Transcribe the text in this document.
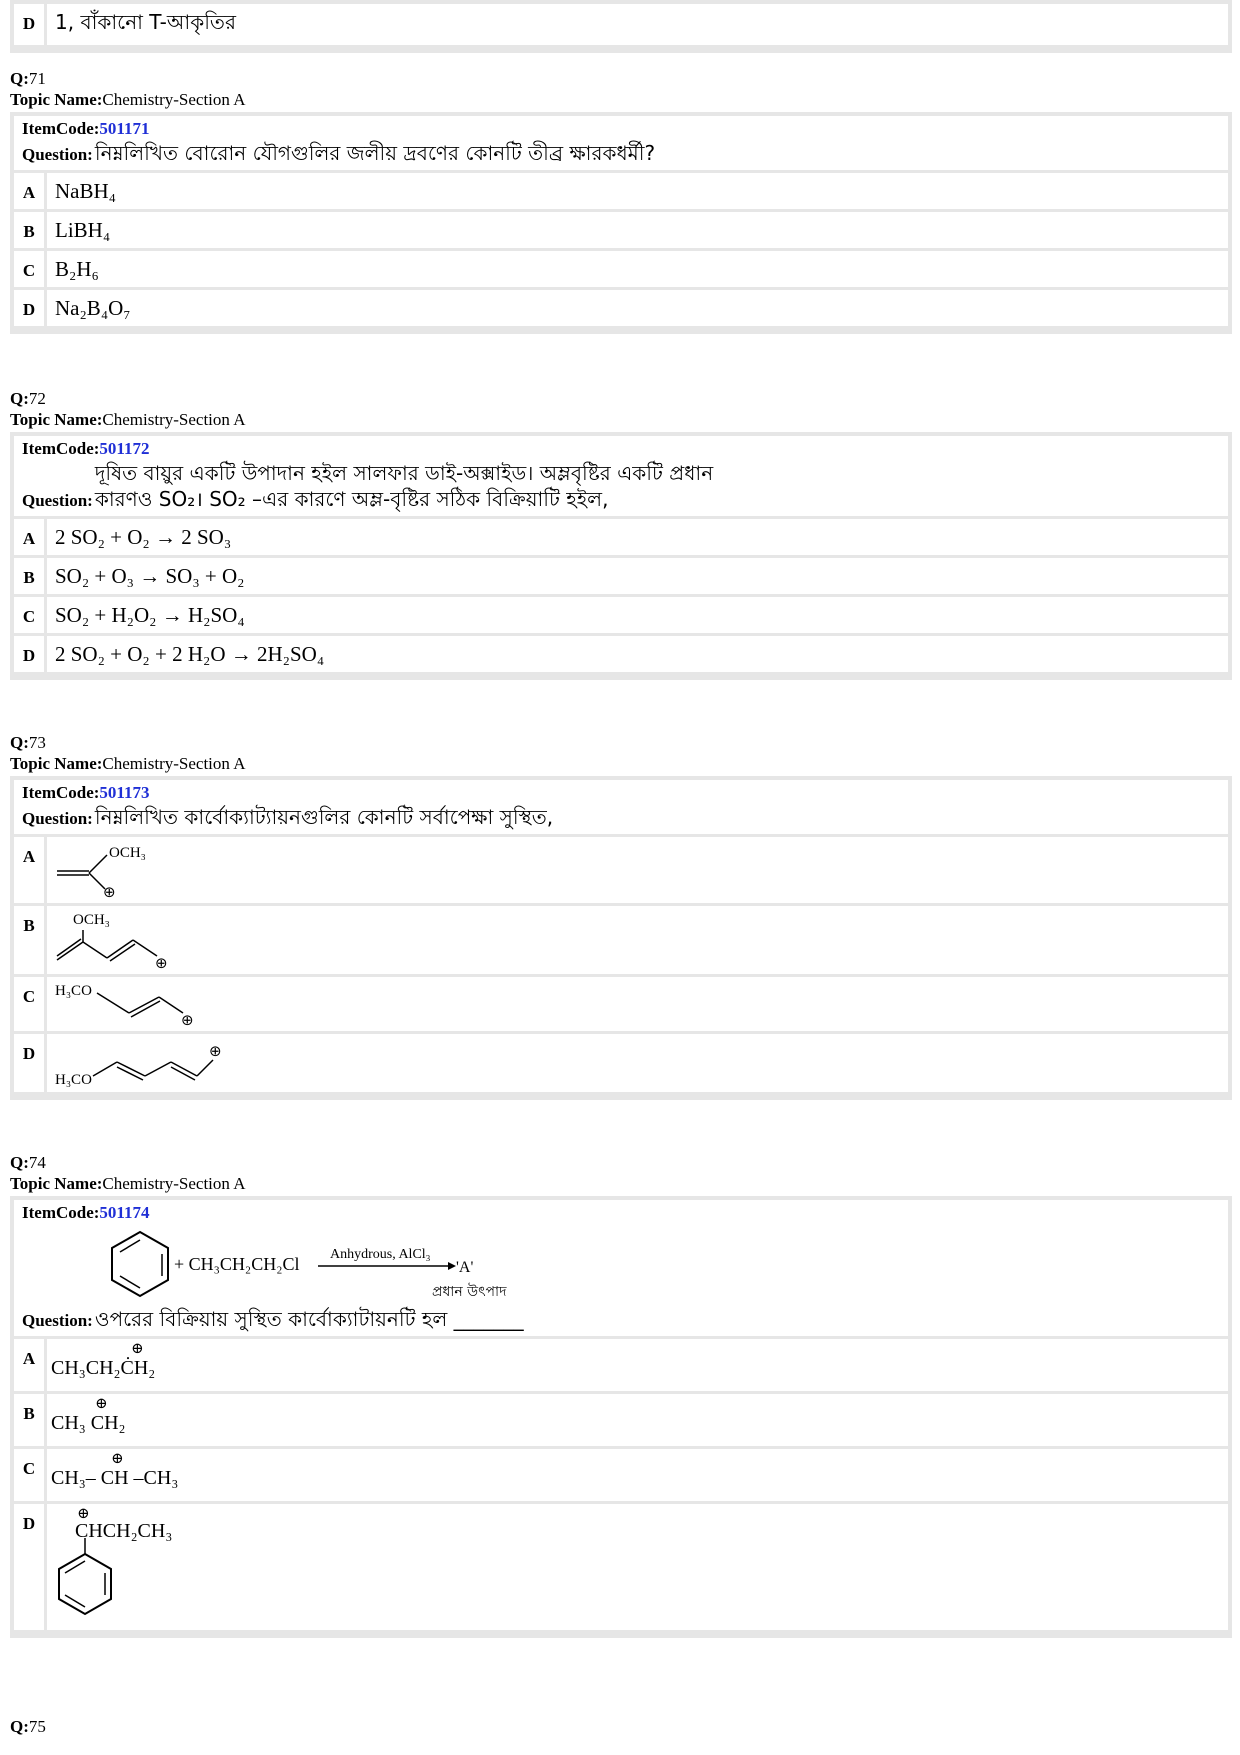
D 1, বাঁকানো T-আকৃতির
Q:71
Topic Name:Chemistry-Section A
ItemCode:501171
Question: নিম্নলিখিত বোরোন যৌগগুলির জলীয় দ্রবণের কোনটি তীব্র ক্ষারকধর্মী?
A NaBH₄
B LiBH₄
C B₂H₆
D Na₂B₄O₇
Q:72
Topic Name:Chemistry-Section A
ItemCode:501172
Question:
দূষিত বায়ুর একটি উপাদান হইল সালফার ডাই-অক্সাইড। অম্লবৃষ্টির একটি প্রধান
কারণও SO₂। SO₂ –এর কারণে অম্ল-বৃষ্টির সঠিক বিক্রিয়াটি হইল,
A 2 SO₂ + O₂ → 2 SO₃
B SO₂ + O₃ → SO₃ + O₂
C SO₂ + H₂O₂ → H₂SO₄
D 2 SO₂ + O₂ + 2 H₂O → 2H₂SO₄
Q:73
Topic Name:Chemistry-Section A
ItemCode:501173
Question: নিম্নলিখিত কার্বোক্যাট্যায়নগুলির কোনটি সর্বাপেক্ষা সুস্থিত,
A	OCH₃
⊕
B	OCH₃
⊕
C	H₃CO
⊕
D
H₃CO
⊕
Q:74
Topic Name:Chemistry-Section A
ItemCode:501174
+ CH₃CH₂CH₂Cl Anhydrous, AlCl₃
'A'
প্রধান উৎপাদ
Question: ওপরের বিক্রিয়ায় সুস্থিত কার্বোক্যাটায়নটি হল _______
A	⊕
CH₃CH₂ĊH₂
B	⊕
CH₃ CH₂
C	⊕
CH₃– CH –CH₃
D	⊕
CHCH₂CH₃
Q:75
